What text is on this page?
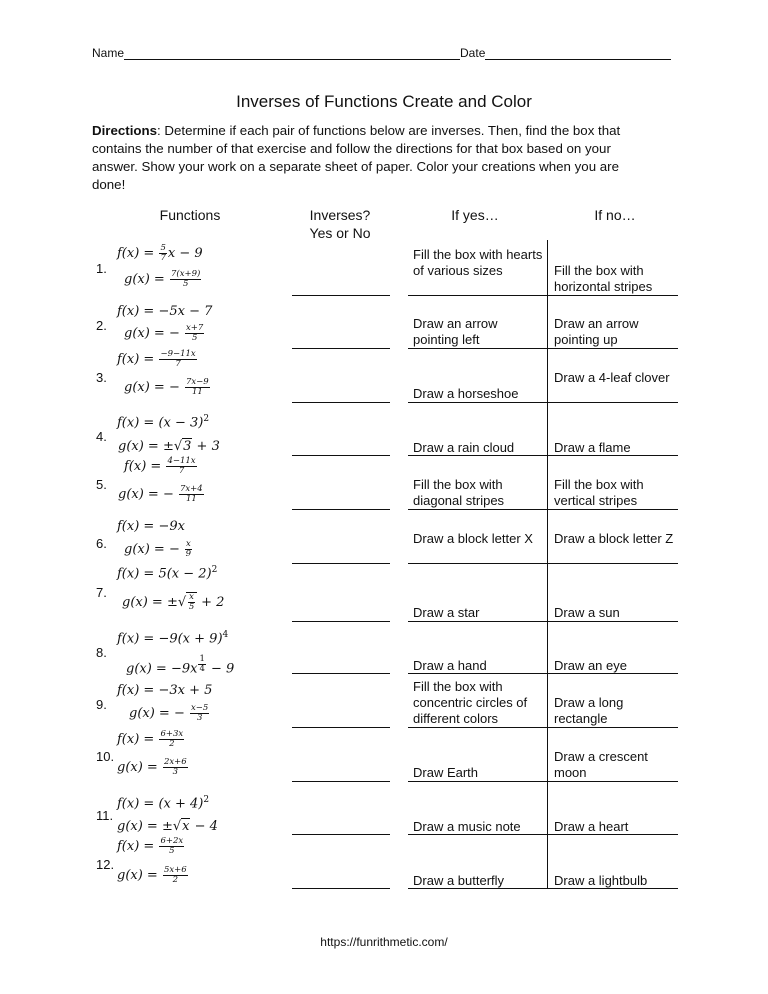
Name	Date
Inverses of Functions Create and Color
Directions: Determine if each pair of functions below are inverses. Then, find the box that contains the number of that exercise and follow the directions for that box based on your answer. Show your work on a separate sheet of paper. Color your creations when you are done!
Functions	Inverses?
Yes or No
If yes…	If no…
1.
$f(x) = \frac{5}{7}$ x − 9
$g(x) = \frac{7(x+9)}{5}$
Fill the box with hearts of various sizes	Fill the box with horizontal stripes
2.
f(x) = −5x − 7
g(x) = − $\frac{x+7}{5}$
Draw an arrow pointing left
Draw an arrow pointing up
3.
$f(x) = \frac{-9-11x}{7}$
g(x) = − $\frac{7x-9}{11}$	Draw a horseshoe
Draw a 4-leaf clover
4.
$f(x) = (x - 3)^2$
g(x) = ±√3 + 3	Draw a rain cloud	Draw a flame
5.
$f(x) = \frac{4-11x}{7}$
g(x) = − $\frac{7x+4}{11}$
Fill the box with diagonal stripes
Fill the box with vertical stripes
6.
f(x) = −9x
g(x) = − $\frac{x}{9}$
Draw a block letter X	Draw a block letter Z
7.
$f(x) = 5(x - 2)^2$
g(x) = ±√ $\frac{x}{5} + 2$
Draw a star	Draw a sun
8.
$f(x) = -9(x + 9)^4$
g(x) = −9x $^{\frac{1}{4}}$ − 9	Draw a hand	Draw an eye
9.
f(x) = −3x + 5
g(x) = − $\frac{x-5}{3}$
Fill the box with concentric circles of different colors
Draw a long rectangle
10.
$f(x) = \frac{6+3x}{2}$
$g(x) = \frac{2x+6}{3}$	Draw Earth
Draw a crescent moon
11.
$f(x) = (x + 4)^2$
g(x) = ±√x − 4	Draw a music note	Draw a heart
12.
$f(x) = \frac{6+2x}{5}$
$g(x) = \frac{5x+6}{2}$	Draw a butterfly	Draw a lightbulb
https://funrithmetic.com/
